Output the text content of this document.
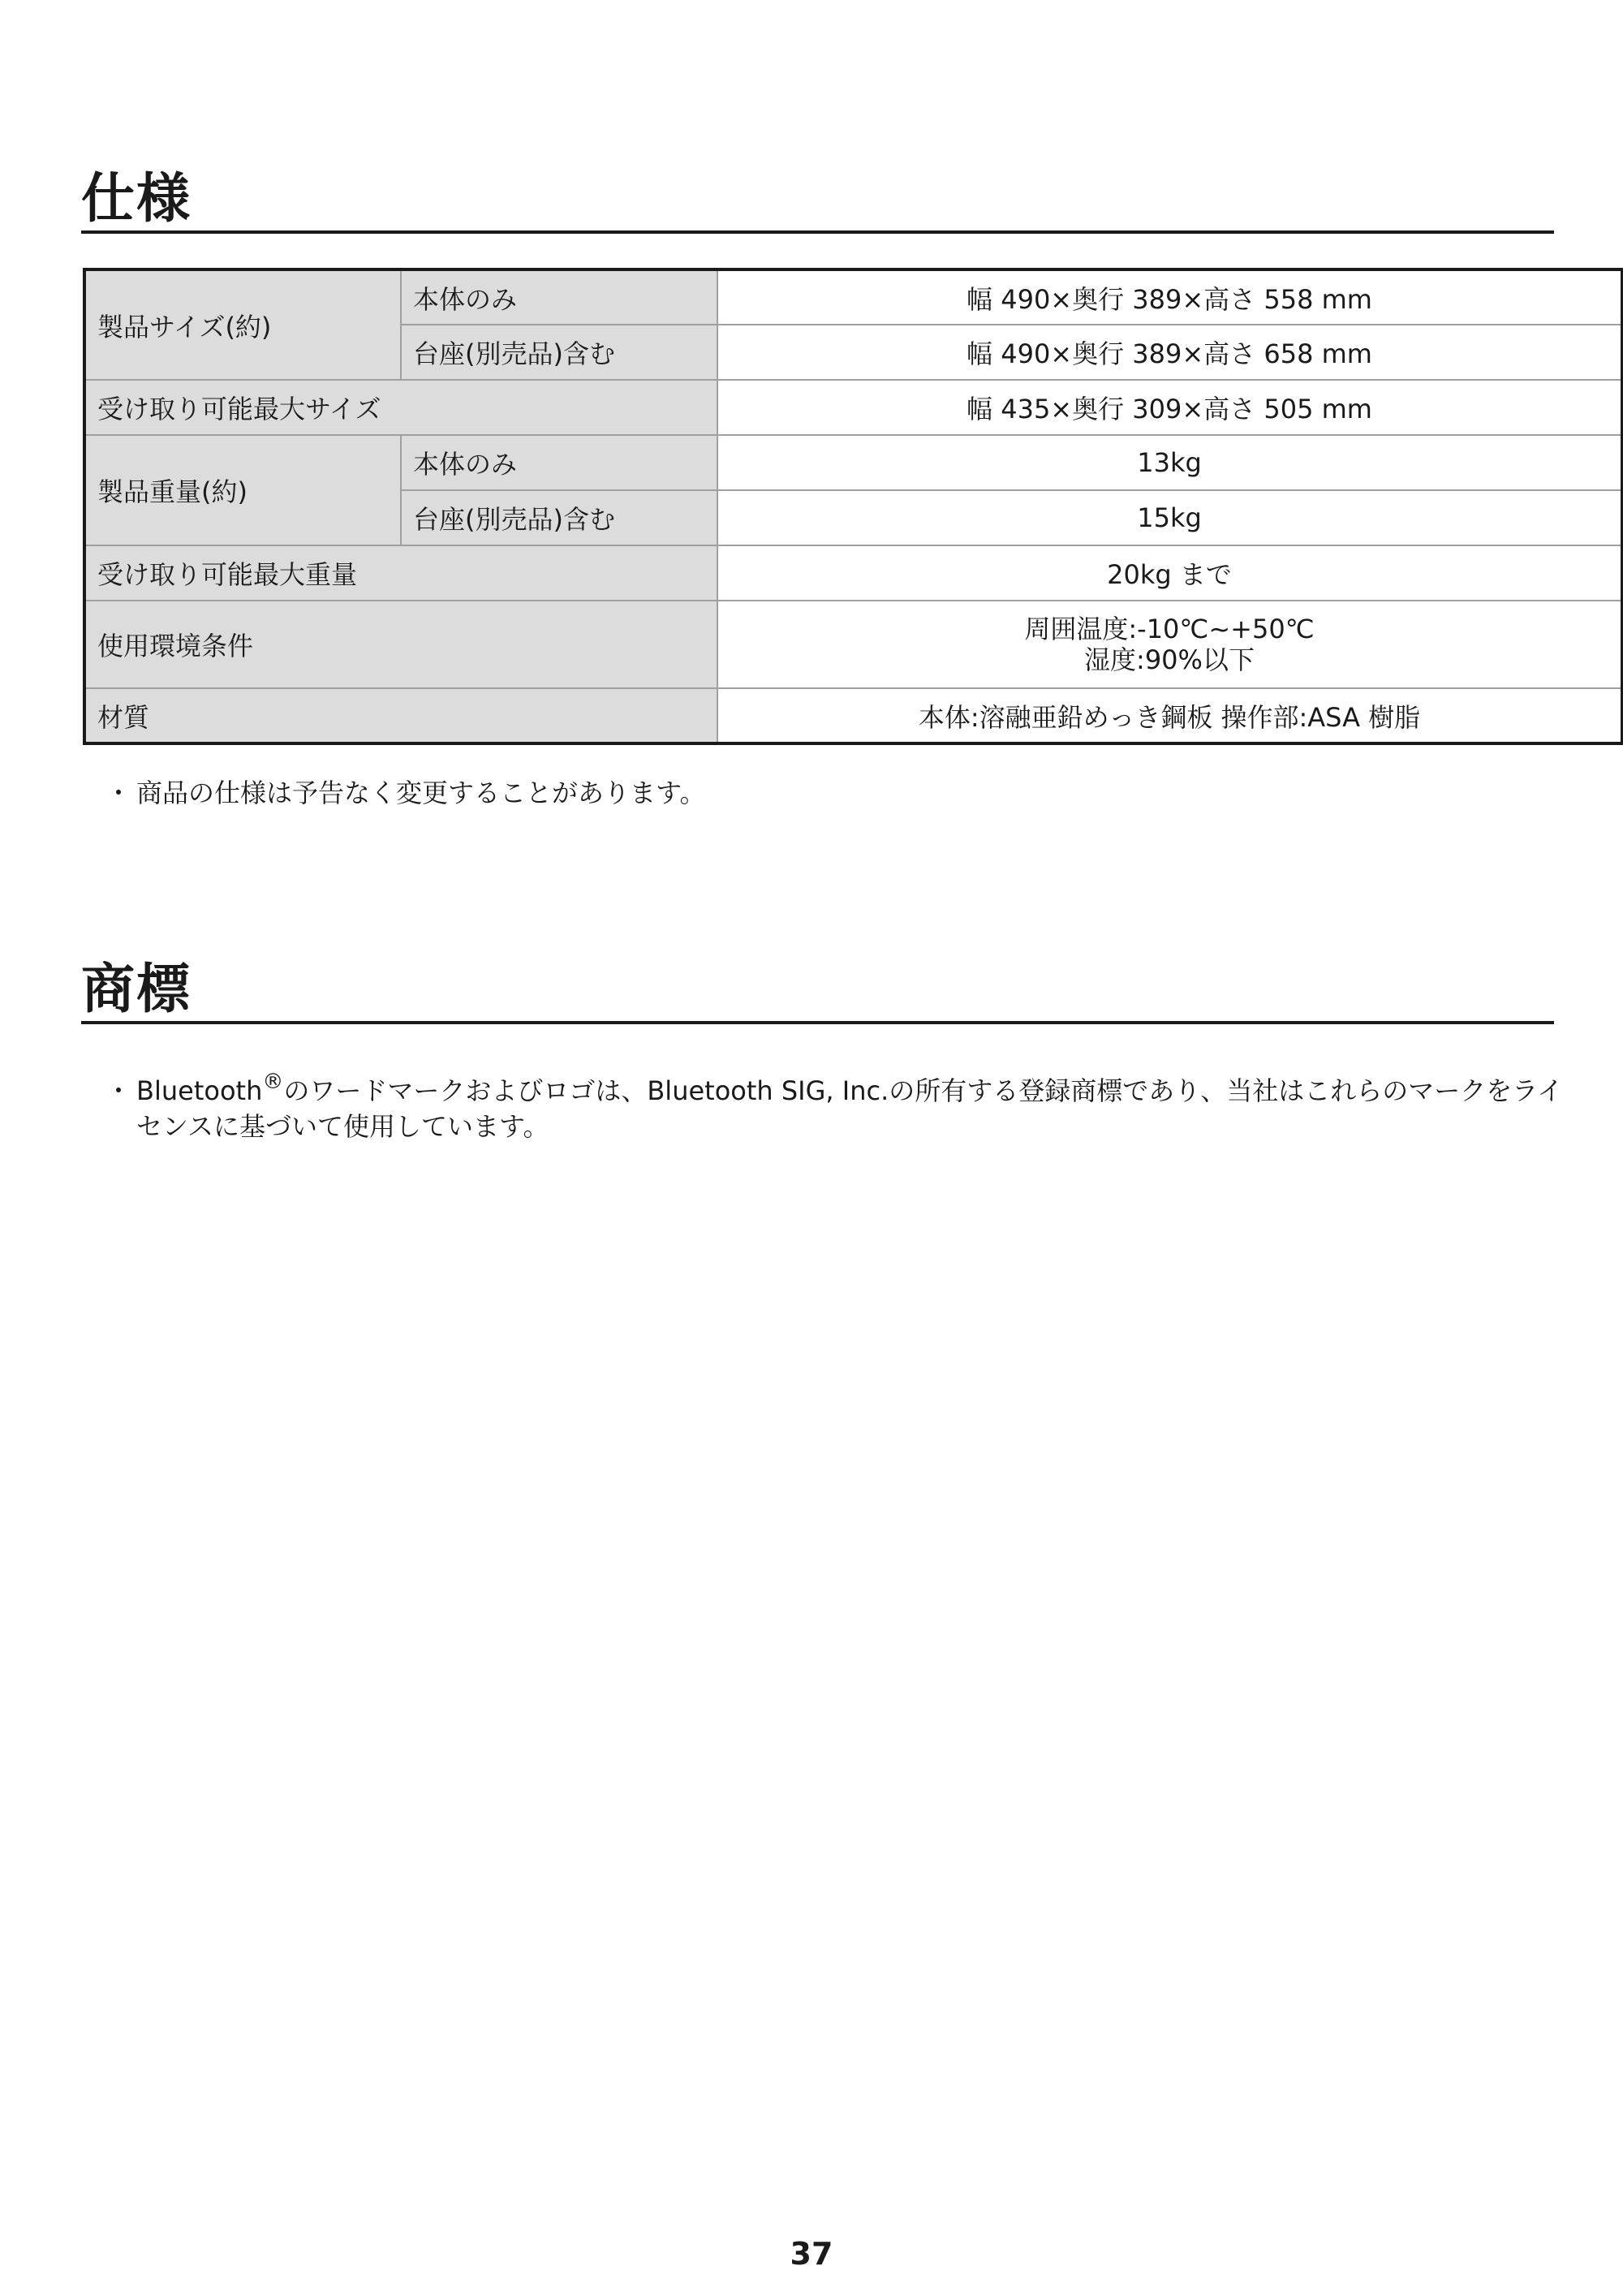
仕様
製品サイズ(約)	本体のみ	幅 490×奥行 389×高さ 558 mm
	台座(別売品)含む	幅 490×奥行 389×高さ 658 mm
受け取り可能最大サイズ		幅 435×奥行 309×高さ 505 mm
製品重量(約)	本体のみ	13kg
	台座(別売品)含む	15kg
受け取り可能最大重量		20kg まで
使用環境条件		周囲温度:-10℃~+50℃
湿度:90%以下

材質		本体:溶融亜鉛めっき鋼板 操作部:ASA 樹脂
・ 商品の仕様は予告なく変更することがあります。
商標
・ Bluetooth®のワードマークおよびロゴは、Bluetooth SIG, Inc.の所有する登録商標であり、当社はこれらのマークをライセンスに基づいて使用しています。
37
